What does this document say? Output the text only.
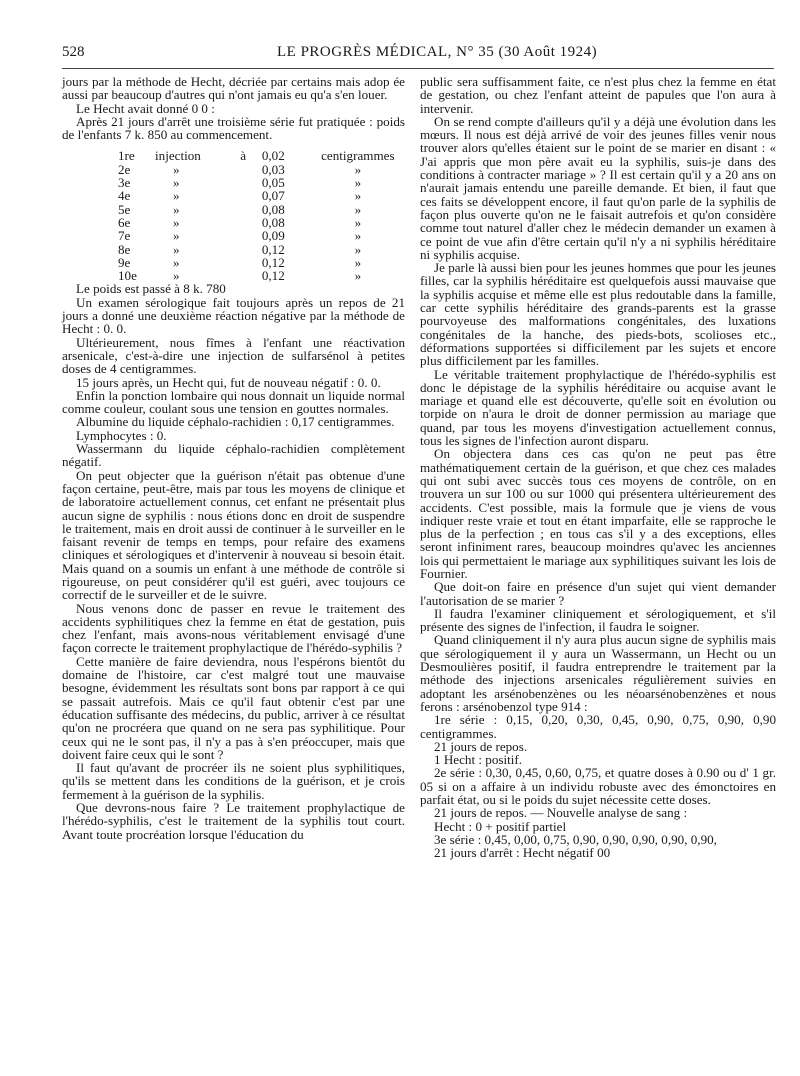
528	LE PROGRÈS MÉDICAL, N° 35 (30 Août 1924)

jours par la méthode de Hecht, décriée par certains mais adop ée aussi par beaucoup d'autres qui n'ont jamais eu qu'a s'en louer.

Le Hecht avait donné 0 0 :

Après 21 jours d'arrêt une troisième série fut pratiquée : poids de l'enfants 7 k. 850 au commencement.

1re	injection	à	0,02	centigrammes
2e	»		0,03	»
3e	»		0,05	»
4e	»		0,07	»
5e	»		0,08	»
6e	»		0,08	»
7e	»		0,09	»
8e	»		0,12	»
9e	»		0,12	»
10e	»		0,12	»

Le poids est passé à 8 k. 780

Un examen sérologique fait toujours après un repos de 21 jours a donné une deuxième réaction négative par la méthode de Hecht : 0. 0.

Ultérieurement, nous fîmes à l'enfant une réactivation arsenicale, c'est-à-dire une injection de sulfarsénol à petites doses de 4 centigrammes.

15 jours après, un Hecht qui, fut de nouveau négatif : 0. 0.

Enfin la ponction lombaire qui nous donnait un liquide normal comme couleur, coulant sous une tension en gouttes normales.

Albumine du liquide céphalo-rachidien : 0,17 centigrammes.

Lymphocytes : 0.

Wassermann du liquide céphalo-rachidien complètement négatif.

On peut objecter que la guérison n'était pas obtenue d'une façon certaine, peut-être, mais par tous les moyens de clinique et de laboratoire actuellement connus, cet enfant ne présentait plus aucun signe de syphilis : nous étions donc en droit de suspendre le traitement, mais en droit aussi de continuer à le surveiller en le faisant revenir de temps en temps, pour refaire des examens cliniques et sérologiques et d'intervenir à nouveau si besoin était. Mais quand on a soumis un enfant à une méthode de contrôle si rigoureuse, on peut considérer qu'il est guéri, avec toujours ce correctif de le surveiller et de le suivre.

Nous venons donc de passer en revue le traitement des accidents syphilitiques chez la femme en état de gestation, puis chez l'enfant, mais avons-nous véritablement envisagé d'une façon correcte le traitement prophylactique de l'hérédo-syphilis ?

Cette manière de faire deviendra, nous l'espérons bientôt du domaine de l'histoire, car c'est malgré tout une mauvaise besogne, évidemment les résultats sont bons par rapport à ce qui se passait autrefois. Mais ce qu'il faut obtenir c'est par une éducation suffisante des médecins, du public, arriver à ce résultat qu'on ne procréera que quand on ne sera pas syphilitique. Pour ceux qui ne le sont pas, il n'y a pas à s'en préoccuper, mais que doivent faire ceux qui le sont ?

Il faut qu'avant de procréer ils ne soient plus syphilitiques, qu'ils se mettent dans les conditions de la guérison, et je crois fermement à la guérison de la syphilis.

Que devrons-nous faire ? Le traitement prophylactique de l'hérédo-syphilis, c'est le traitement de la syphilis tout court. Avant toute procréation lorsque l'éducation du

public sera suffisamment faite, ce n'est plus chez la femme en état de gestation, ou chez l'enfant atteint de papules que l'on aura à intervenir.

On se rend compte d'ailleurs qu'il y a déjà une évolution dans les mœurs. Il nous est déjà arrivé de voir des jeunes filles venir nous trouver alors qu'elles étaient sur le point de se marier en disant : « J'ai appris que mon père avait eu la syphilis, suis-je dans des conditions à contracter mariage » ? Il est certain qu'il y a 20 ans on n'aurait jamais entendu une pareille demande. Et bien, il faut que ces faits se développent encore, il faut qu'on parle de la syphilis de façon plus ouverte qu'on ne le faisait autrefois et qu'on considère comme tout naturel d'aller chez le médecin demander un examen à ce point de vue afin d'être certain qu'il n'y a ni syphilis héréditaire ni syphilis acquise.

Je parle là aussi bien pour les jeunes hommes que pour les jeunes filles, car la syphilis héréditaire est quelquefois aussi mauvaise que la syphilis acquise et même elle est plus redoutable dans la famille, car cette syphilis héréditaire des grands-parents est la grasse pourvoyeuse des malformations congénitales, des luxations congénitales de la hanche, des pieds-bots, scolioses etc., déformations supportées si difficilement par les sujets et encore plus difficilement par les familles.

Le véritable traitement prophylactique de l'hérédo-syphilis est donc le dépistage de la syphilis héréditaire ou acquise avant le mariage et quand elle est découverte, qu'elle soit en évolution ou torpide on n'aura le droit de donner permission au mariage que quand, par tous les moyens d'investigation actuellement connus, tous les signes de l'infection auront disparu.

On objectera dans ces cas qu'on ne peut pas être mathématiquement certain de la guérison, et que chez ces malades qui ont subi avec succès tous ces moyens de contrôle, on en trouvera un sur 100 ou sur 1000 qui présentera ultérieurement des accidents. C'est possible, mais la formule que je viens de vous indiquer reste vraie et tout en étant imparfaite, elle se rapproche le plus de la perfection ; en tous cas s'il y a des exceptions, elles seront infiniment rares, beaucoup moindres qu'avec les anciennes lois qui permettaient le mariage aux syphilitiques suivant les lois de Fournier.

Que doit-on faire en présence d'un sujet qui vient demander l'autorisation de se marier ?

Il faudra l'examiner cliniquement et sérologiquement, et s'il présente des signes de l'infection, il faudra le soigner.

Quand cliniquement il n'y aura plus aucun signe de syphilis mais que sérologiquement il y aura un Wassermann, un Hecht ou un Desmoulières positif, il faudra entreprendre le traitement par la méthode des injections arsenicales régulièrement suivies en adoptant les arsénobenzènes ou les néoarsénobenzènes et nous ferons : arsénobenzol type 914 :

1re série : 0,15, 0,20, 0,30, 0,45, 0,90, 0,75, 0,90, 0,90 centigrammes.

21 jours de repos.

1 Hecht : positif.

2e série : 0,30, 0,45, 0,60, 0,75, et quatre doses à 0.90 ou d' 1 gr. 05 si on a affaire à un individu robuste avec des émonctoires en parfait état, ou si le poids du sujet nécessite cette doses.

21 jours de repos. — Nouvelle analyse de sang :

Hecht : 0 + positif partiel

3e série : 0,45, 0,00, 0,75, 0,90, 0,90, 0,90, 0,90, 0,90,

21 jours d'arrêt : Hecht négatif 00
